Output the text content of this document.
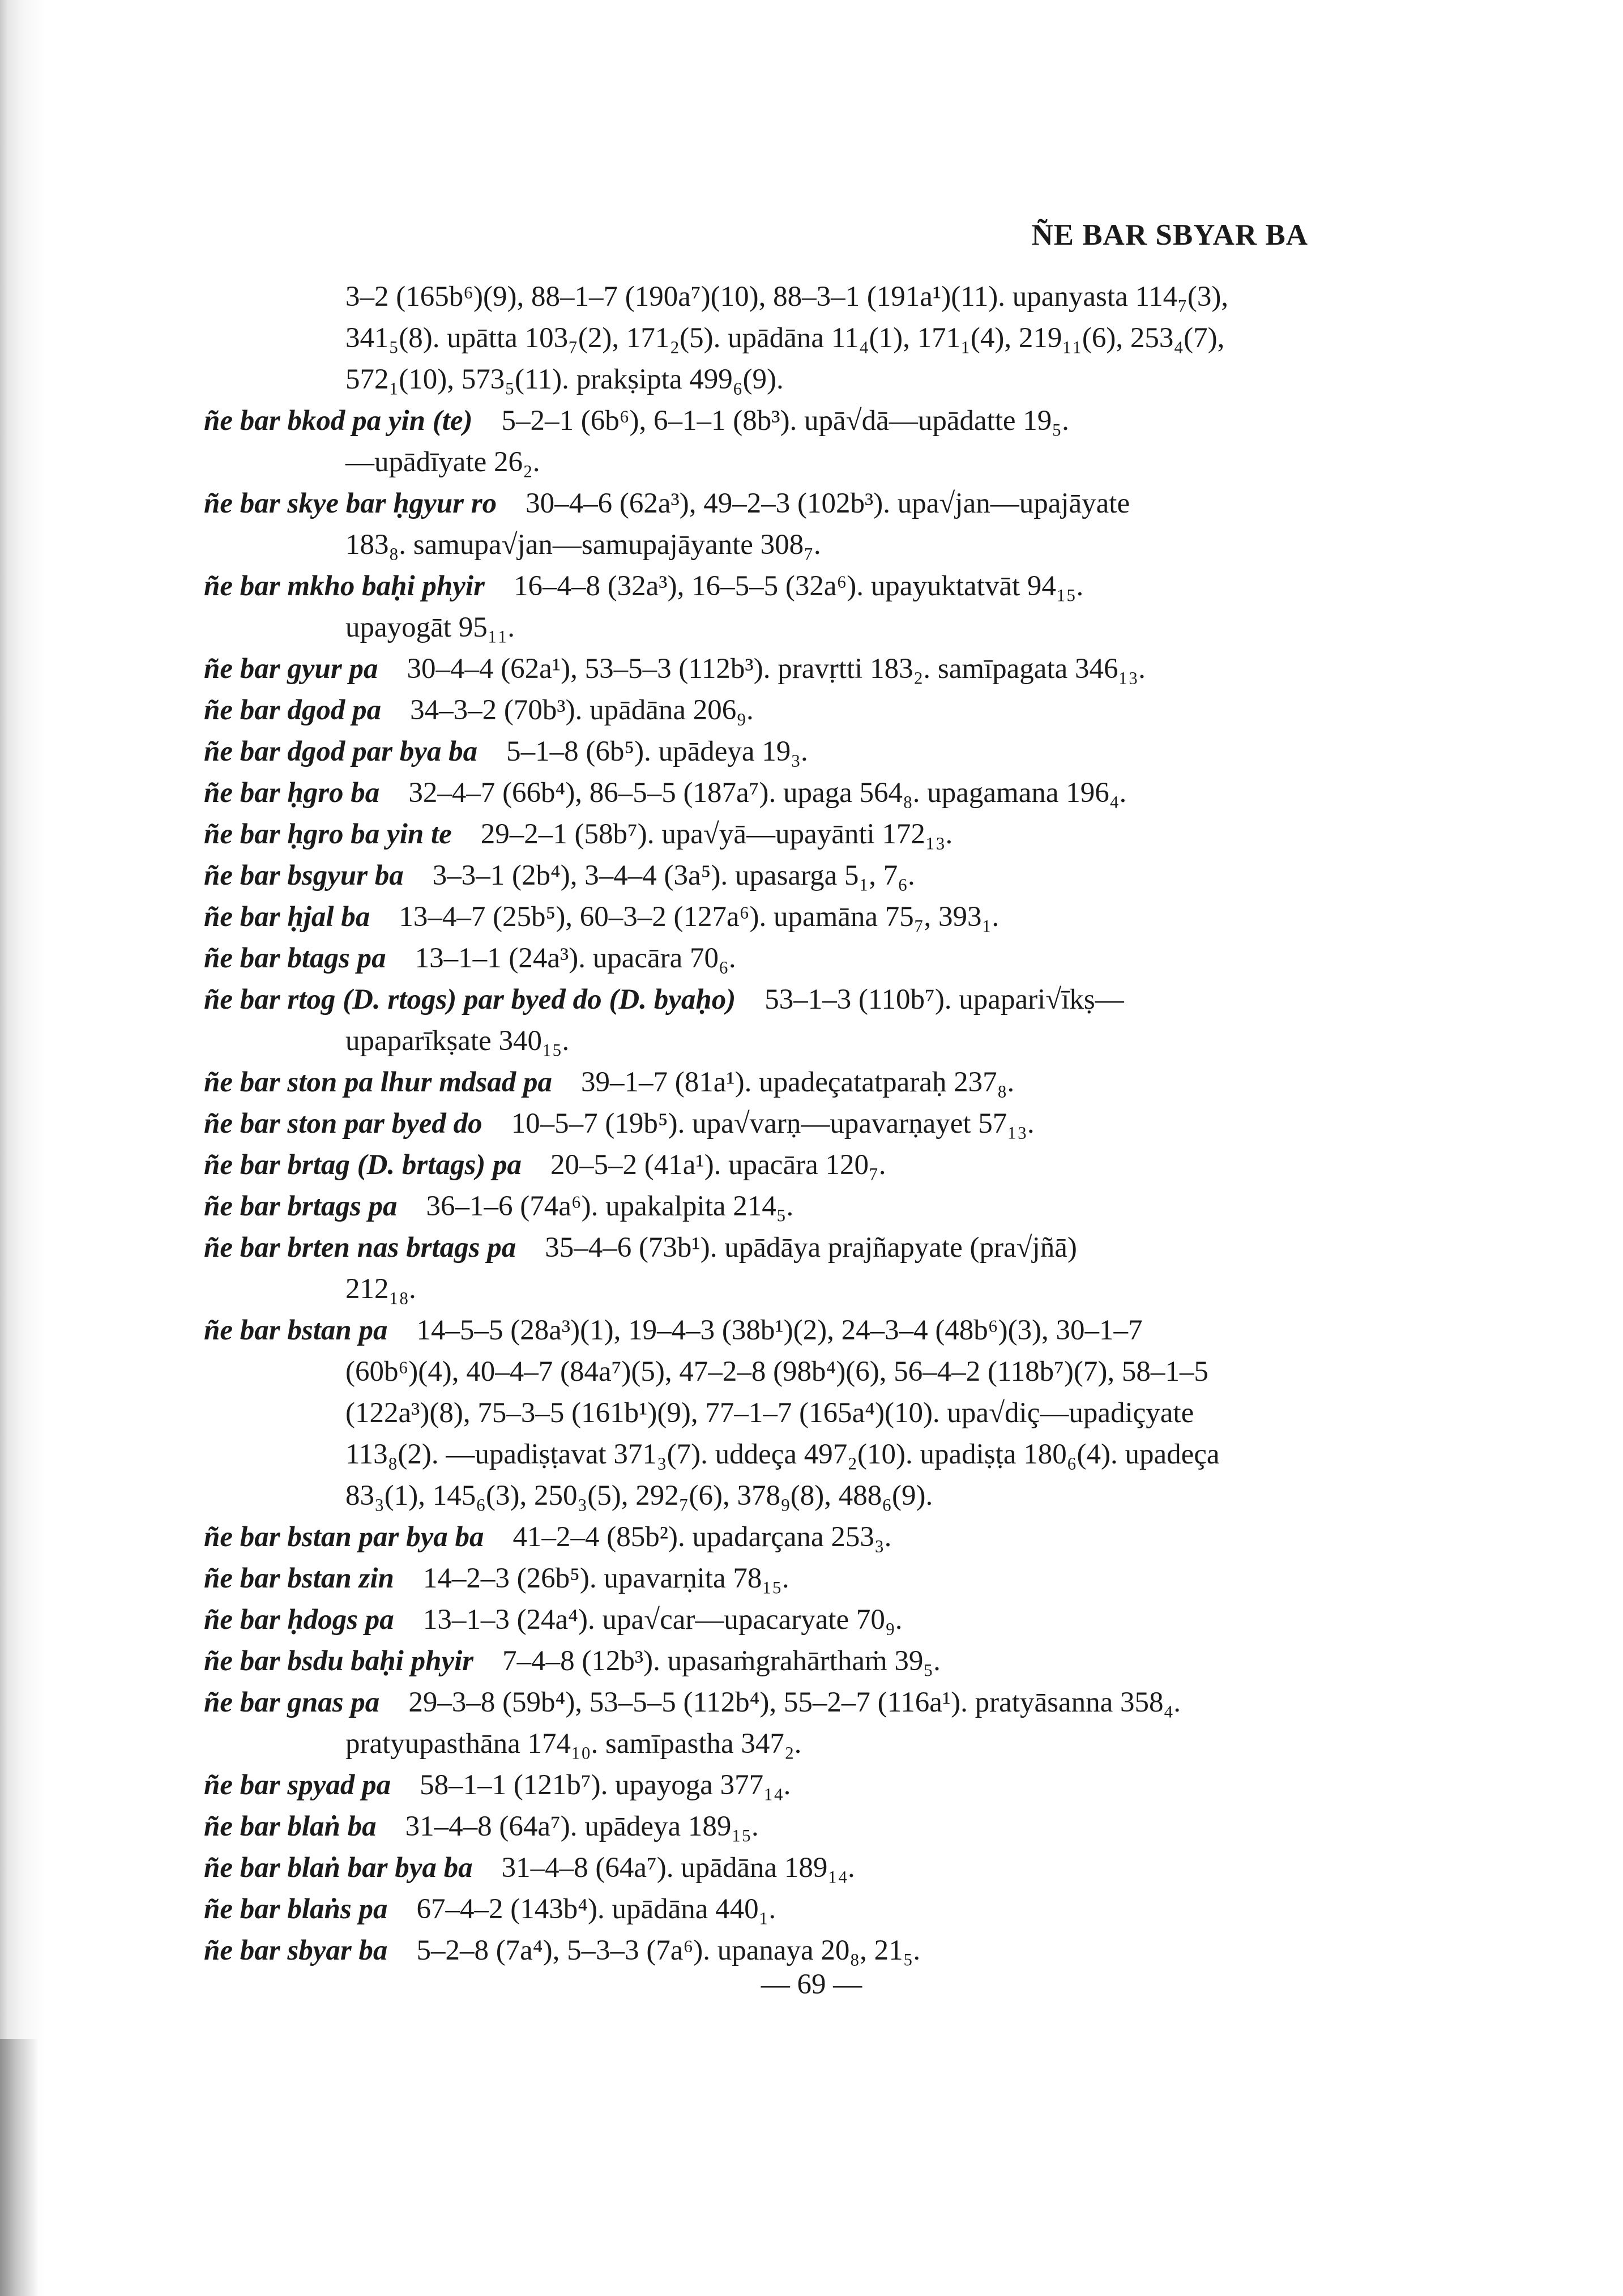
ÑE BAR SBYAR BA
3–2 (165b⁶)(9), 88–1–7 (190a⁷)(10), 88–3–1 (191a¹)(11). upanyasta 114₇(3),
341₅(8). upātta 103₇(2), 171₂(5). upādāna 11₄(1), 171₁(4), 219₁₁(6), 253₄(7),
572₁(10), 573₅(11). prakṣipta 499₆(9).
ñe bar bkod pa yin (te)  5–2–1 (6b⁶), 6–1–1 (8b³). upā√dā—upādatte 19₅.
—upādīyate 26₂.
ñe bar skye bar ḥgyur ro  30–4–6 (62a³), 49–2–3 (102b³). upa√jan—upajāyate
183₈. samupa√jan—samupajāyante 308₇.
ñe bar mkho baḥi phyir  16–4–8 (32a³), 16–5–5 (32a⁶). upayuktatvāt 94₁₅.
upayogāt 95₁₁.
ñe bar gyur pa  30–4–4 (62a¹), 53–5–3 (112b³). pravṛtti 183₂. samīpagata 346₁₃.
ñe bar dgod pa  34–3–2 (70b³). upādāna 206₉.
ñe bar dgod par bya ba  5–1–8 (6b⁵). upādeya 19₃.
ñe bar ḥgro ba  32–4–7 (66b⁴), 86–5–5 (187a⁷). upaga 564₈. upagamana 196₄.
ñe bar ḥgro ba yin te  29–2–1 (58b⁷). upa√yā—upayānti 172₁₃.
ñe bar bsgyur ba  3–3–1 (2b⁴), 3–4–4 (3a⁵). upasarga 5₁, 7₆.
ñe bar ḥjal ba  13–4–7 (25b⁵), 60–3–2 (127a⁶). upamāna 75₇, 393₁.
ñe bar btags pa  13–1–1 (24a³). upacāra 70₆.
ñe bar rtog (D. rtogs) par byed do (D. byaḥo)  53–1–3 (110b⁷). upapari√īkṣ—
upaparīkṣate 340₁₅.
ñe bar ston pa lhur mdsad pa  39–1–7 (81a¹). upadeçatatparaḥ 237₈.
ñe bar ston par byed do  10–5–7 (19b⁵). upa√varṇ—upavarṇayet 57₁₃.
ñe bar brtag (D. brtags) pa  20–5–2 (41a¹). upacāra 120₇.
ñe bar brtags pa  36–1–6 (74a⁶). upakalpita 214₅.
ñe bar brten nas brtags pa  35–4–6 (73b¹). upādāya prajñapyate (pra√jñā)
212₁₈.
ñe bar bstan pa  14–5–5 (28a³)(1), 19–4–3 (38b¹)(2), 24–3–4 (48b⁶)(3), 30–1–7
(60b⁶)(4), 40–4–7 (84a⁷)(5), 47–2–8 (98b⁴)(6), 56–4–2 (118b⁷)(7), 58–1–5
(122a³)(8), 75–3–5 (161b¹)(9), 77–1–7 (165a⁴)(10). upa√diç—upadiçyate
113₈(2). —upadiṣṭavat 371₃(7). uddeça 497₂(10). upadiṣṭa 180₆(4). upadeça
83₃(1), 145₆(3), 250₃(5), 292₇(6), 378₉(8), 488₆(9).
ñe bar bstan par bya ba  41–2–4 (85b²). upadarçana 253₃.
ñe bar bstan zin  14–2–3 (26b⁵). upavarṇita 78₁₅.
ñe bar ḥdogs pa  13–1–3 (24a⁴). upa√car—upacaryate 70₉.
ñe bar bsdu baḥi phyir  7–4–8 (12b³). upasaṁgrahārthaṁ 39₅.
ñe bar gnas pa  29–3–8 (59b⁴), 53–5–5 (112b⁴), 55–2–7 (116a¹). pratyāsanna 358₄.
pratyupasthāna 174₁₀. samīpastha 347₂.
ñe bar spyad pa  58–1–1 (121b⁷). upayoga 377₁₄.
ñe bar blaṅ ba  31–4–8 (64a⁷). upādeya 189₁₅.
ñe bar blaṅ bar bya ba  31–4–8 (64a⁷). upādāna 189₁₄.
ñe bar blaṅs pa  67–4–2 (143b⁴). upādāna 440₁.
ñe bar sbyar ba  5–2–8 (7a⁴), 5–3–3 (7a⁶). upanaya 20₈, 21₅.
— 69 —
